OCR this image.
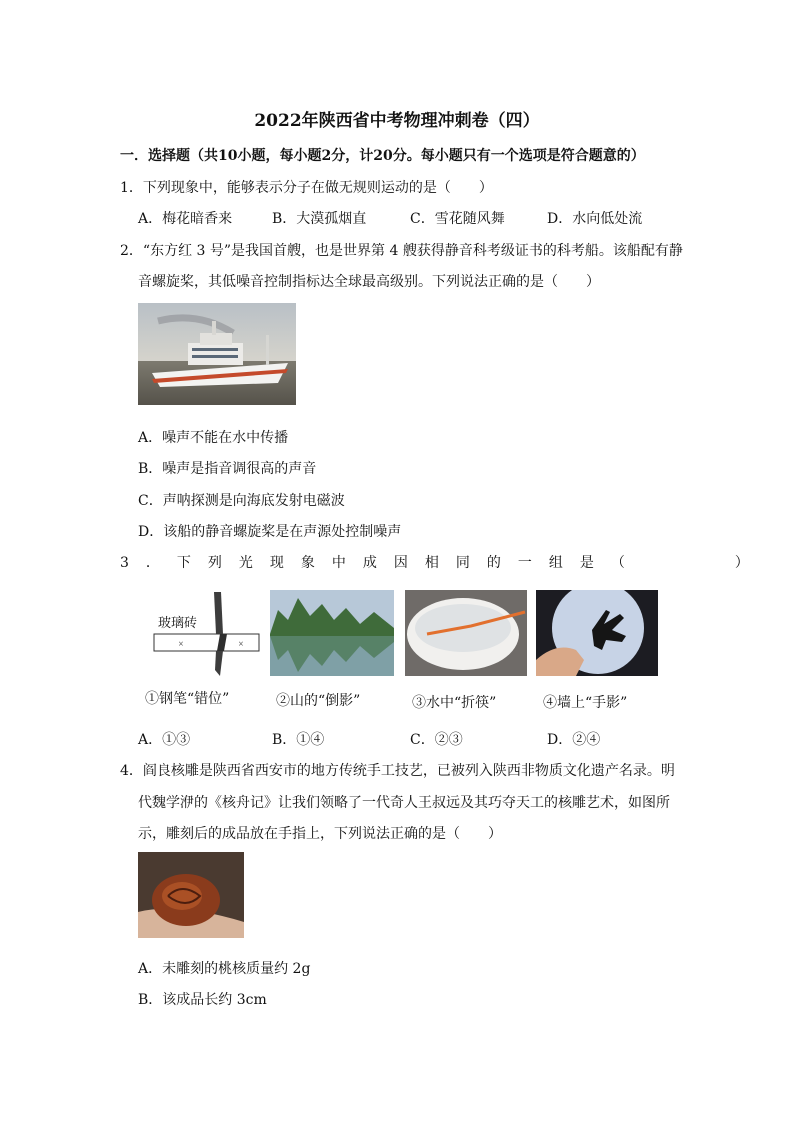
2022年陕西省中考物理冲刺卷（四）
一．选择题（共10小题，每小题2分，计20分。每小题只有一个选项是符合题意的）
1．下列现象中，能够表示分子在做无规则运动的是（　　）
A．梅花暗香来	B．大漠孤烟直	C．雪花随风舞	D．水向低处流
2．“东方红 3 号”是我国首艘，也是世界第 4 艘获得静音科考级证书的科考船。该船配有静
音螺旋桨，其低噪音控制指标达全球最高级别。下列说法正确的是（　　）
A．噪声不能在水中传播
B．噪声是指音调很高的声音
C．声呐探测是向海底发射电磁波
D．该船的静音螺旋桨是在声源处控制噪声
3．下列光现象中成因相同的一组是（　　　）
玻璃砖
×	×
①钢笔“错位”	②山的“倒影”	③水中“折筷”	④墙上“手影”
A．①③	B．①④	C．②③	D．②④
4．阎良核雕是陕西省西安市的地方传统手工技艺，已被列入陕西非物质文化遗产名录。明
代魏学洢的《核舟记》让我们领略了一代奇人王叔远及其巧夺天工的核雕艺术，如图所
示，雕刻后的成品放在手指上，下列说法正确的是（　　）
A．未雕刻的桃核质量约 2g
B．该成品长约 3cm
